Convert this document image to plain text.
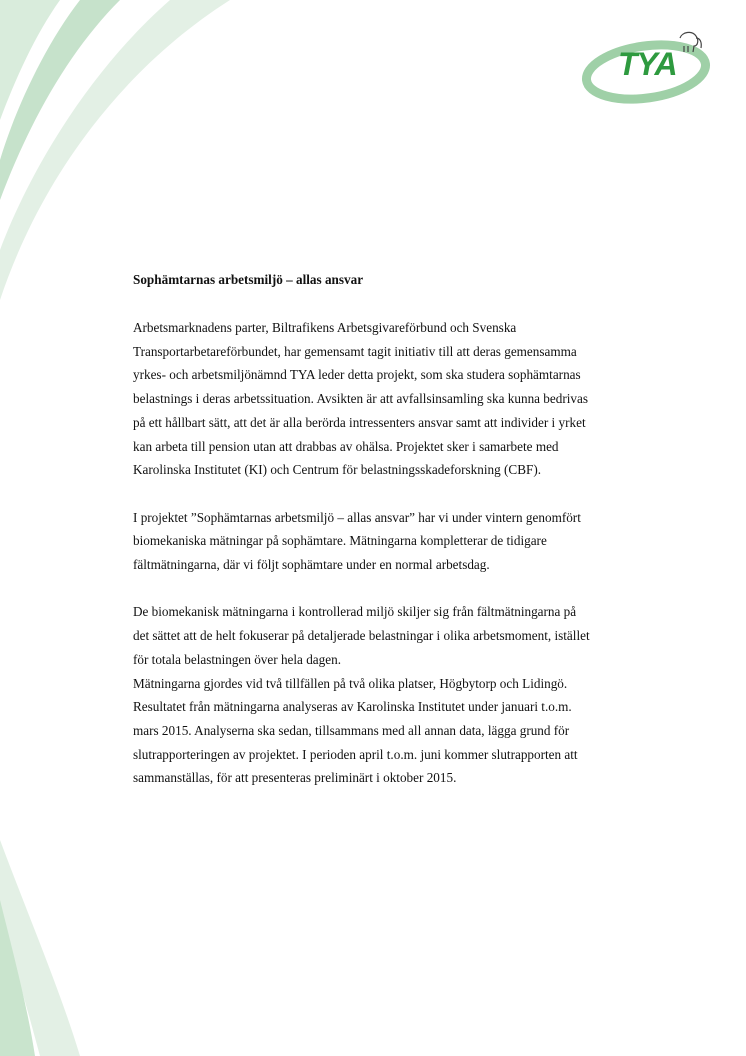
TYA
Sophämtarnas arbetsmiljö – allas ansvar
Arbetsmarknadens parter, Biltrafikens Arbetsgivareförbund och Svenska
Transportarbetareförbundet, har gemensamt tagit initiativ till att deras gemensamma
yrkes- och arbetsmiljönämnd TYA leder detta projekt, som ska studera sophämtarnas
belastnings i deras arbetssituation. Avsikten är att avfallsinsamling ska kunna bedrivas
på ett hållbart sätt, att det är alla berörda intressenters ansvar samt att individer i yrket
kan arbeta till pension utan att drabbas av ohälsa. Projektet sker i samarbete med
Karolinska Institutet (KI) och Centrum för belastningsskadeforskning (CBF).
I projektet ”Sophämtarnas arbetsmiljö – allas ansvar” har vi under vintern genomfört
biomekaniska mätningar på sophämtare. Mätningarna kompletterar de tidigare
fältmätningarna, där vi följt sophämtare under en normal arbetsdag.
De biomekanisk mätningarna i kontrollerad miljö skiljer sig från fältmätningarna på
det sättet att de helt fokuserar på detaljerade belastningar i olika arbetsmoment, istället
för totala belastningen över hela dagen.
Mätningarna gjordes vid två tillfällen på två olika platser, Högbytorp och Lidingö.
Resultatet från mätningarna analyseras av Karolinska Institutet under januari t.o.m.
mars 2015. Analyserna ska sedan, tillsammans med all annan data, lägga grund för
slutrapporteringen av projektet. I perioden april t.o.m. juni kommer slutrapporten att
sammanställas, för att presenteras preliminärt i oktober 2015.
